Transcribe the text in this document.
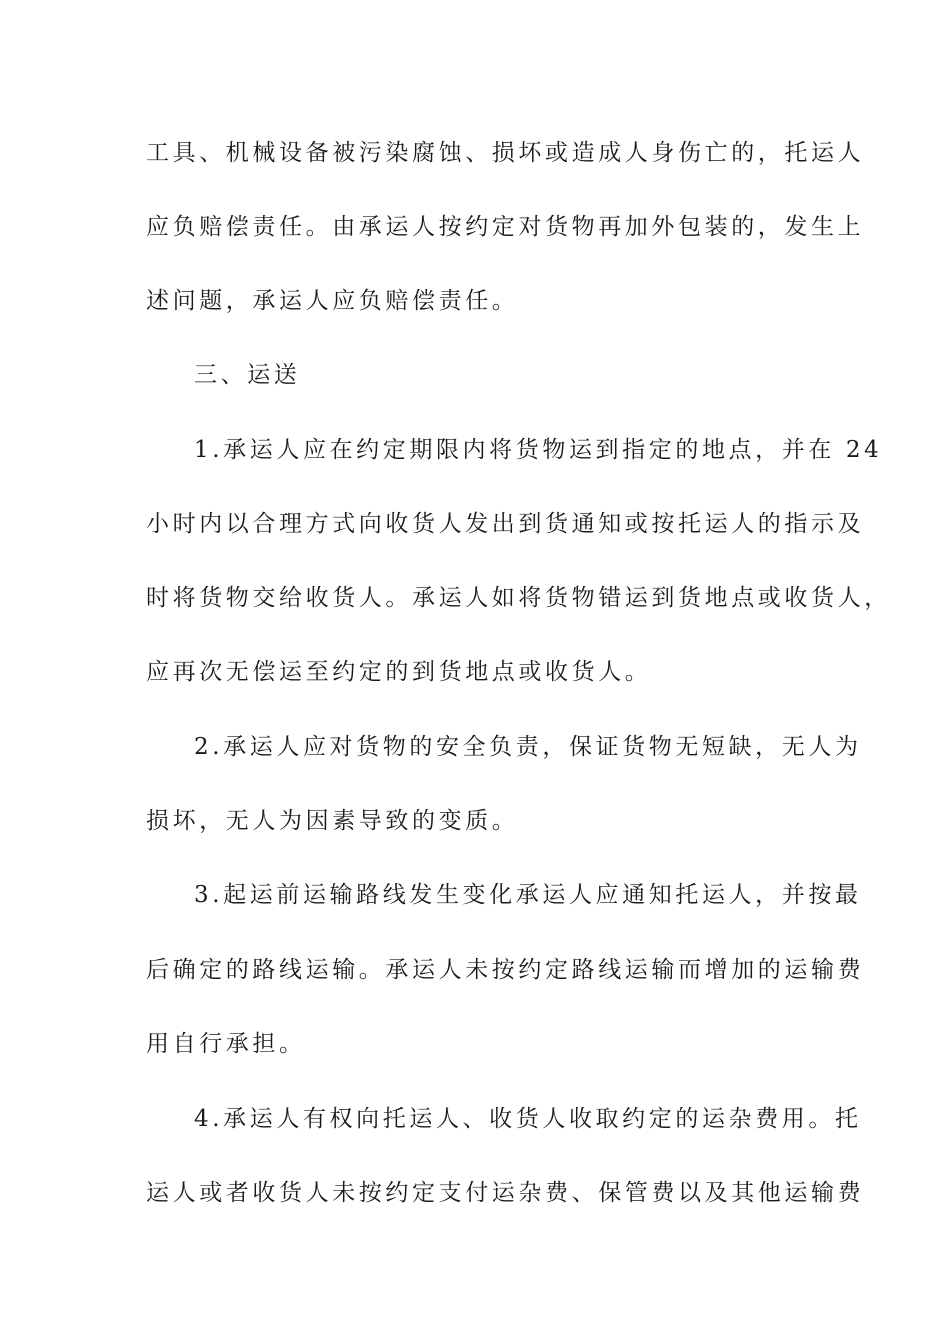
工具、机械设备被污染腐蚀、损坏或造成人身伤亡的，托运人
应负赔偿责任。由承运人按约定对货物再加外包装的，发生上
述问题，承运人应负赔偿责任。
三、运送
1.承运人应在约定期限内将货物运到指定的地点，并在 24
小时内以合理方式向收货人发出到货通知或按托运人的指示及
时将货物交给收货人。承运人如将货物错运到货地点或收货人，
应再次无偿运至约定的到货地点或收货人。
2.承运人应对货物的安全负责，保证货物无短缺，无人为
损坏，无人为因素导致的变质。
3.起运前运输路线发生变化承运人应通知托运人，并按最
后确定的路线运输。承运人未按约定路线运输而增加的运输费
用自行承担。
4.承运人有权向托运人、收货人收取约定的运杂费用。托
运人或者收货人未按约定支付运杂费、保管费以及其他运输费
